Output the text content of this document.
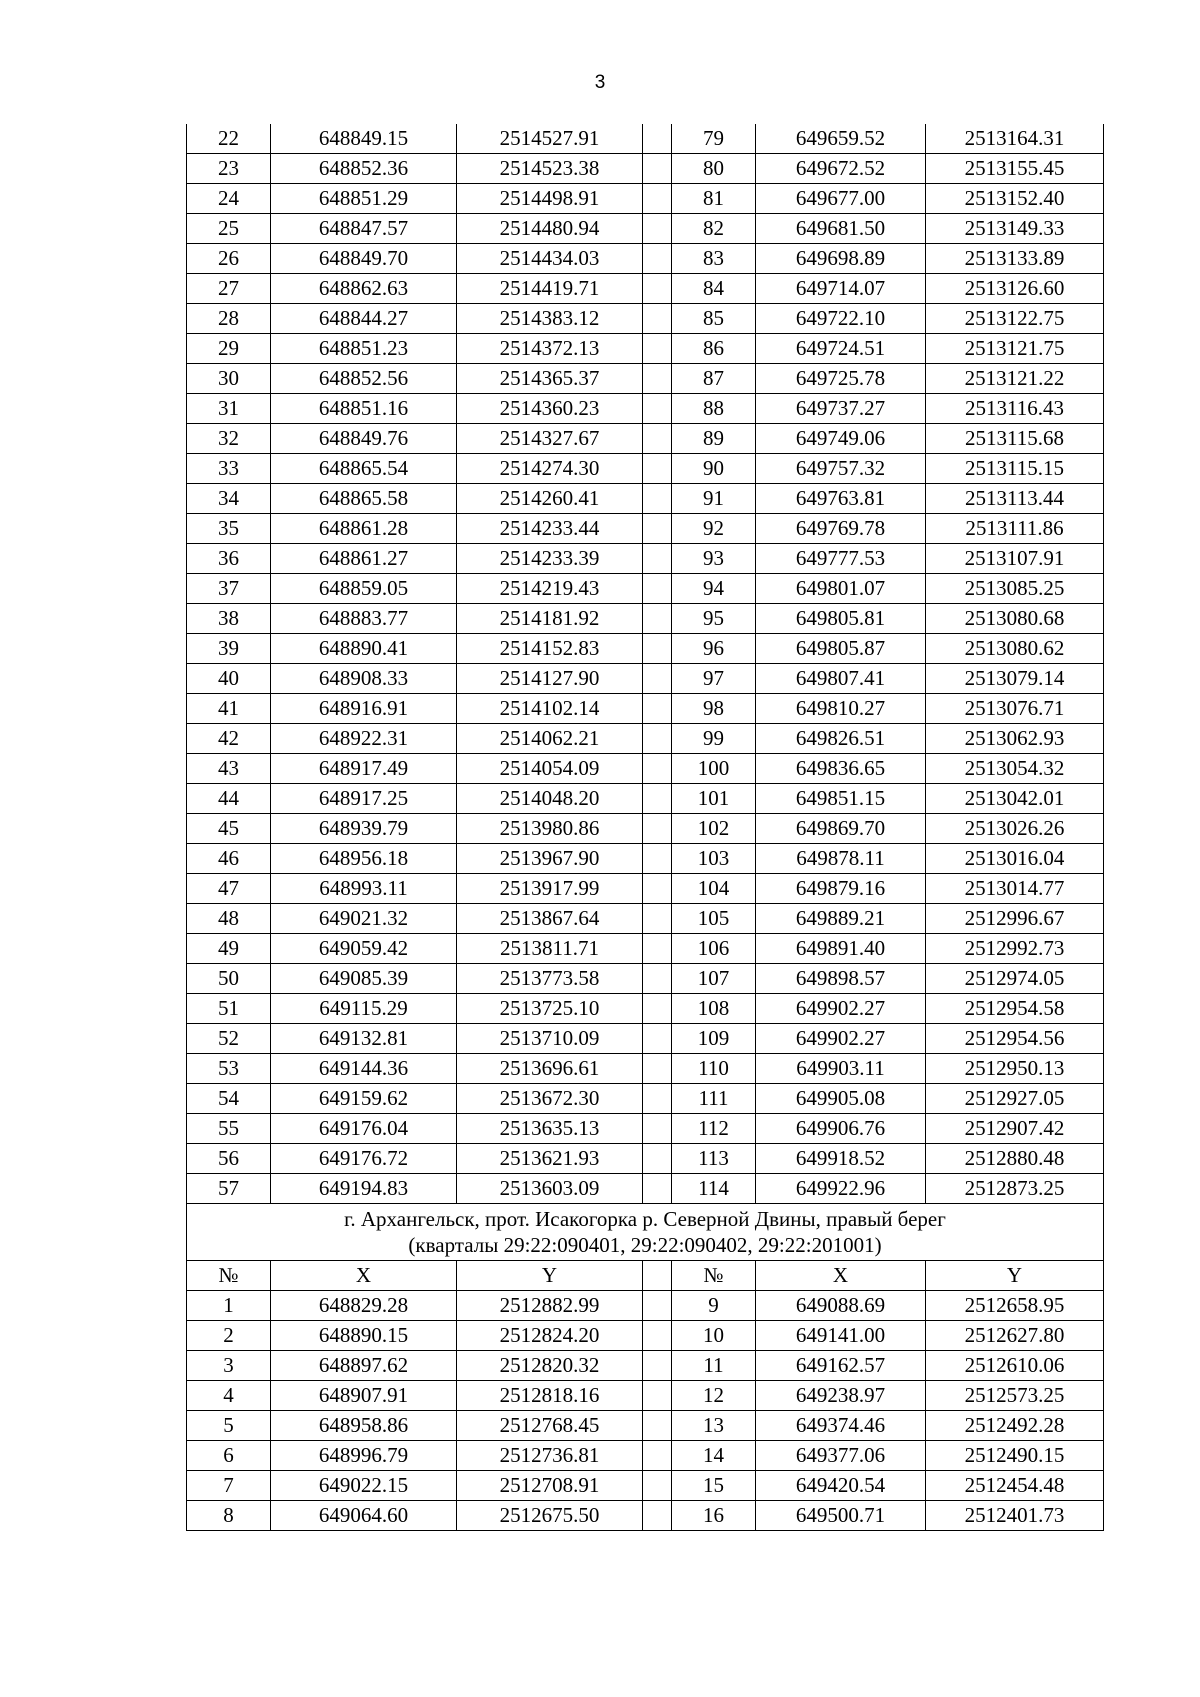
3
22	648849.15	2514527.91		79	649659.52	2513164.31
23	648852.36	2514523.38		80	649672.52	2513155.45
24	648851.29	2514498.91		81	649677.00	2513152.40
25	648847.57	2514480.94		82	649681.50	2513149.33
26	648849.70	2514434.03		83	649698.89	2513133.89
27	648862.63	2514419.71		84	649714.07	2513126.60
28	648844.27	2514383.12		85	649722.10	2513122.75
29	648851.23	2514372.13		86	649724.51	2513121.75
30	648852.56	2514365.37		87	649725.78	2513121.22
31	648851.16	2514360.23		88	649737.27	2513116.43
32	648849.76	2514327.67		89	649749.06	2513115.68
33	648865.54	2514274.30		90	649757.32	2513115.15
34	648865.58	2514260.41		91	649763.81	2513113.44
35	648861.28	2514233.44		92	649769.78	2513111.86
36	648861.27	2514233.39		93	649777.53	2513107.91
37	648859.05	2514219.43		94	649801.07	2513085.25
38	648883.77	2514181.92		95	649805.81	2513080.68
39	648890.41	2514152.83		96	649805.87	2513080.62
40	648908.33	2514127.90		97	649807.41	2513079.14
41	648916.91	2514102.14		98	649810.27	2513076.71
42	648922.31	2514062.21		99	649826.51	2513062.93
43	648917.49	2514054.09		100	649836.65	2513054.32
44	648917.25	2514048.20		101	649851.15	2513042.01
45	648939.79	2513980.86		102	649869.70	2513026.26
46	648956.18	2513967.90		103	649878.11	2513016.04
47	648993.11	2513917.99		104	649879.16	2513014.77
48	649021.32	2513867.64		105	649889.21	2512996.67
49	649059.42	2513811.71		106	649891.40	2512992.73
50	649085.39	2513773.58		107	649898.57	2512974.05
51	649115.29	2513725.10		108	649902.27	2512954.58
52	649132.81	2513710.09		109	649902.27	2512954.56
53	649144.36	2513696.61		110	649903.11	2512950.13
54	649159.62	2513672.30		111	649905.08	2512927.05
55	649176.04	2513635.13		112	649906.76	2512907.42
56	649176.72	2513621.93		113	649918.52	2512880.48
57	649194.83	2513603.09		114	649922.96	2512873.25

г. Архангельск, прот. Исакогорка р. Северной Двины, правый берег
(кварталы 29:22:090401, 29:22:090402, 29:22:201001)						

№	X	Y		№	X	Y
1	648829.28	2512882.99		9	649088.69	2512658.95
2	648890.15	2512824.20		10	649141.00	2512627.80
3	648897.62	2512820.32		11	649162.57	2512610.06
4	648907.91	2512818.16		12	649238.97	2512573.25
5	648958.86	2512768.45		13	649374.46	2512492.28
6	648996.79	2512736.81		14	649377.06	2512490.15
7	649022.15	2512708.91		15	649420.54	2512454.48
8	649064.60	2512675.50		16	649500.71	2512401.73
